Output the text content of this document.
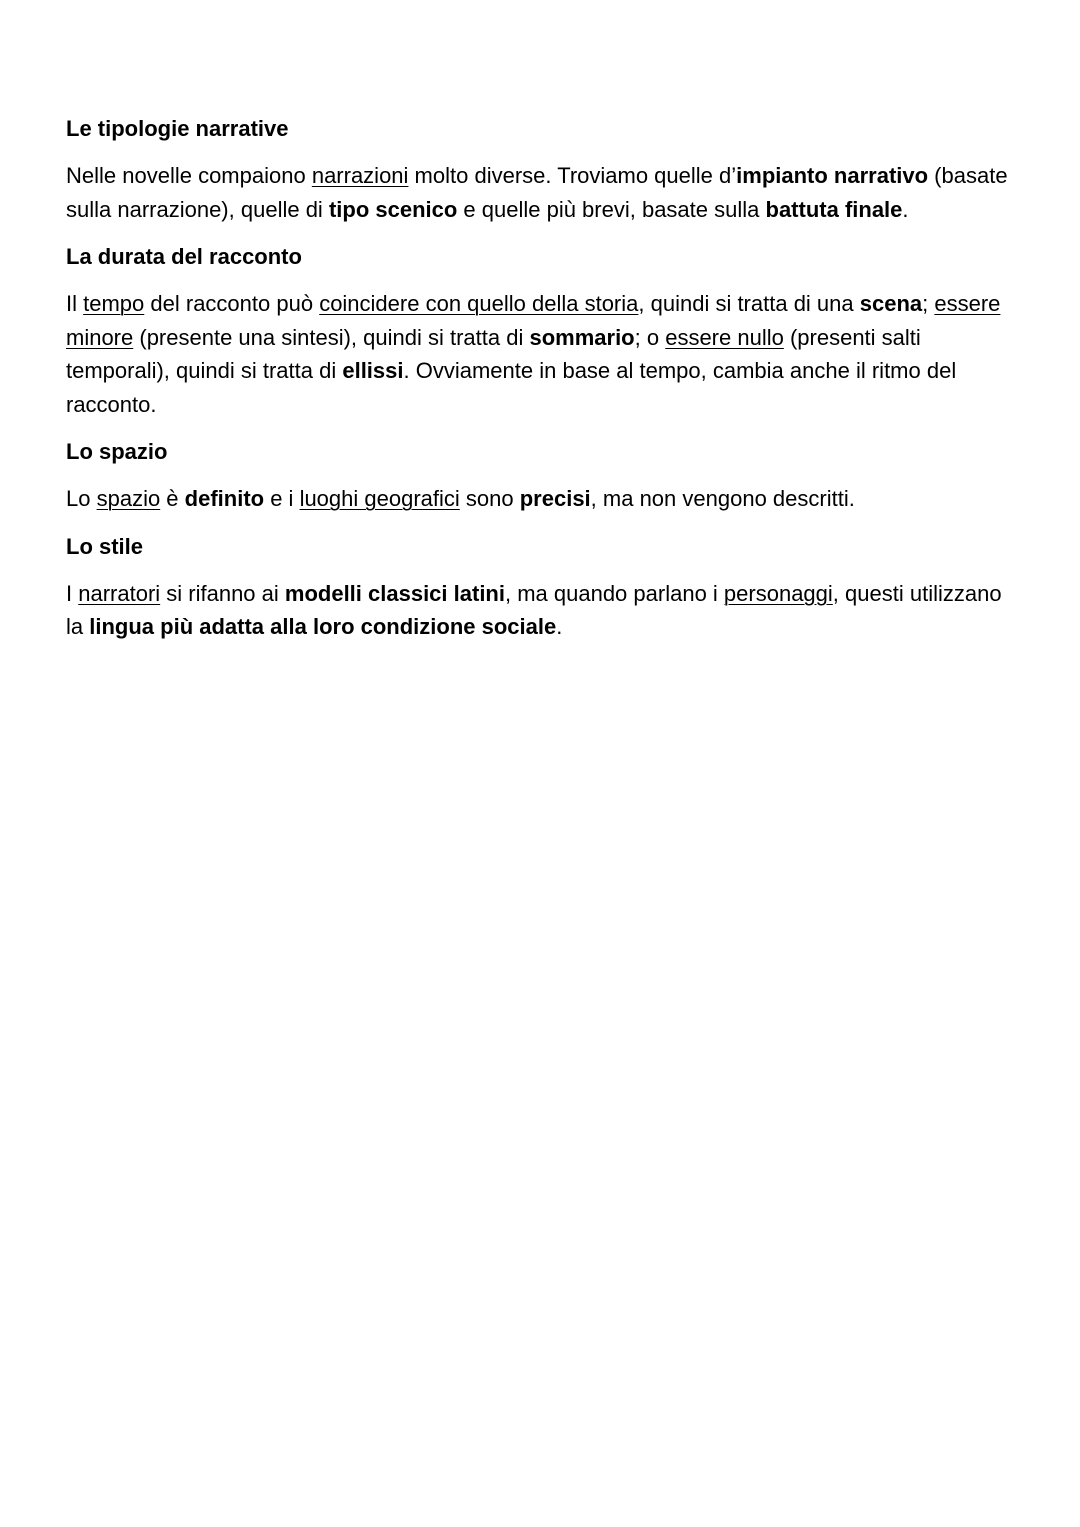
Le tipologie narrative

Nelle novelle compaiono narrazioni molto diverse. Troviamo quelle d’impianto narrativo (basate sulla narrazione), quelle di tipo scenico e quelle più brevi, basate sulla battuta finale.

La durata del racconto

Il tempo del racconto può coincidere con quello della storia, quindi si tratta di una scena; essere minore (presente una sintesi), quindi si tratta di sommario; o essere nullo (presenti salti temporali), quindi si tratta di ellissi. Ovviamente in base al tempo, cambia anche il ritmo del racconto.

Lo spazio

Lo spazio è definito e i luoghi geografici sono precisi, ma non vengono descritti.

Lo stile

I narratori si rifanno ai modelli classici latini, ma quando parlano i personaggi, questi utilizzano la lingua più adatta alla loro condizione sociale.
